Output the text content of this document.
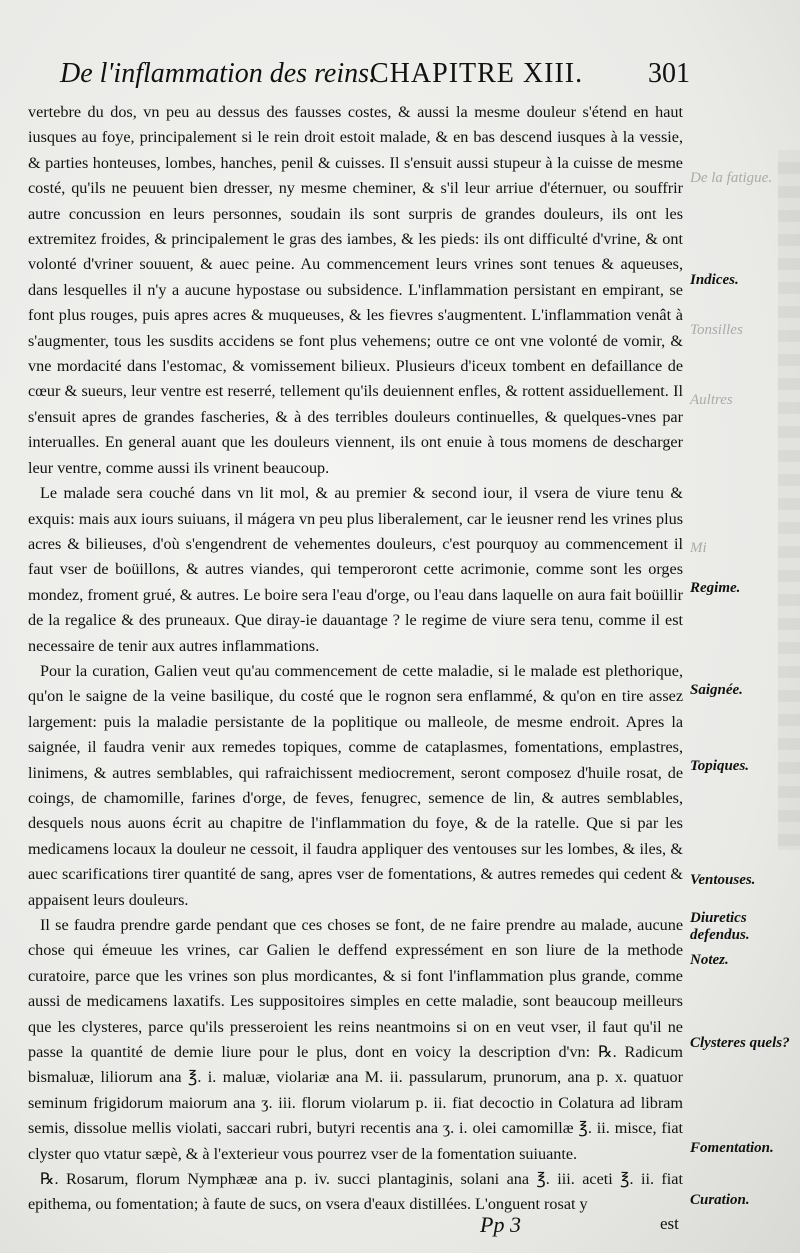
De l'inflammation des reins.
CHAPITRE XIII. 301

vertebre du dos, vn peu au dessus des fausses costes, & aussi la mesme douleur s'étend en haut iusques au foye, principalement si le rein droit estoit malade, & en bas descend iusques à la vessie, & parties honteuses, lombes, hanches, penil & cuisses. Il s'ensuit aussi stupeur à la cuisse de mesme costé, qu'ils ne peuuent bien dresser, ny mesme cheminer, & s'il leur arriue d'éternuer, ou souffrir autre concussion en leurs personnes, soudain ils sont surpris de grandes douleurs, ils ont les extremitez froides, & principalement le gras des iambes, & les pieds: ils ont difficulté d'vrine, & ont volonté d'vriner souuent, & auec peine. Au commencement leurs vrines sont tenues & aqueuses, dans lesquelles il n'y a aucune hypostase ou subsidence. L'inflammation persistant en empirant, se font plus rouges, puis apres acres & muqueuses, & les fievres s'augmentent. L'inflammation venât à s'augmenter, tous les susdits accidens se font plus vehemens; outre ce ont vne volonté de vomir, & vne mordacité dans l'estomac, & vomissement bilieux. Plusieurs d'iceux tombent en defaillance de cœur & sueurs, leur ventre est reserré, tellement qu'ils deuiennent enfles, & rottent assiduellement. Il s'ensuit apres de grandes fascheries, & à des terribles douleurs continuelles, & quelques-vnes par interualles. En general auant que les douleurs viennent, ils ont enuie à tous momens de descharger leur ventre, comme aussi ils vrinent beaucoup.

Le malade sera couché dans vn lit mol, & au premier & second iour, il vsera de viure tenu & exquis: mais aux iours suiuans, il mágera vn peu plus liberalement, car le ieusner rend les vrines plus acres & bilieuses, d'où s'engendrent de vehementes douleurs, c'est pourquoy au commencement il faut vser de boüillons, & autres viandes, qui temperoront cette acrimonie, comme sont les orges mondez, froment grué, & autres. Le boire sera l'eau d'orge, ou l'eau dans laquelle on aura fait boüillir de la regalice & des pruneaux. Que diray-ie dauantage ? le regime de viure sera tenu, comme il est necessaire de tenir aux autres inflammations.

Pour la curation, Galien veut qu'au commencement de cette maladie, si le malade est plethorique, qu'on le saigne de la veine basilique, du costé que le rognon sera enflammé, & qu'on en tire assez largement: puis la maladie persistante de la poplitique ou malleole, de mesme endroit. Apres la saignée, il faudra venir aux remedes topiques, comme de cataplasmes, fomentations, emplastres, linimens, & autres semblables, qui rafraichissent mediocrement, seront composez d'huile rosat, de coings, de chamomille, farines d'orge, de feves, fenugrec, semence de lin, & autres semblables, desquels nous auons écrit au chapitre de l'inflammation du foye, & de la ratelle. Que si par les medicamens locaux la douleur ne cessoit, il faudra appliquer des ventouses sur les lombes, & iles, & auec scarifications tirer quantité de sang, apres vser de fomentations, & autres remedes qui cedent & appaisent leurs douleurs.

Il se faudra prendre garde pendant que ces choses se font, de ne faire prendre au malade, aucune chose qui émeuue les vrines, car Galien le deffend expressément en son liure de la methode curatoire, parce que les vrines son plus mordicantes, & si font l'inflammation plus grande, comme aussi de medicamens laxatifs. Les suppositoires simples en cette maladie, sont beaucoup meilleurs que les clysteres, parce qu'ils presseroient les reins neantmoins si on en veut vser, il faut qu'il ne passe la quantité de demie liure pour le plus, dont en voicy la description d'vn: ℞. Radicum bismaluæ, liliorum ana ℥. i. maluæ, violariæ ana M. ii. passularum, prunorum, ana p. x. quatuor seminum frigidorum maiorum ana ʒ. iii. florum violarum p. ii. fiat decoctio in Colatura ad libram semis, dissolue mellis violati, saccari rubri, butyri recentis ana ʒ. i. olei camomillæ ℥. ii. misce, fiat clyster quo vtatur sæpè, & à l'exterieur vous pourrez vser de la fomentation suiuante.

℞. Rosarum, florum Nymphææ ana p. iv. succi plantaginis, solani ana ℥. iii. aceti ℥. ii. fiat epithema, ou fomentation; à faute de sucs, on vsera d'eaux distillées. L'onguent rosat y

De la fatigue.
Indices.
Tonsilles
Aultres
Mi
Regime.
Saignée.
Topiques.
Ventouses.
Diuretics defendus.
Notez.
Clysteres quels?
Fomentation.
Curation.
Pp 3	est
